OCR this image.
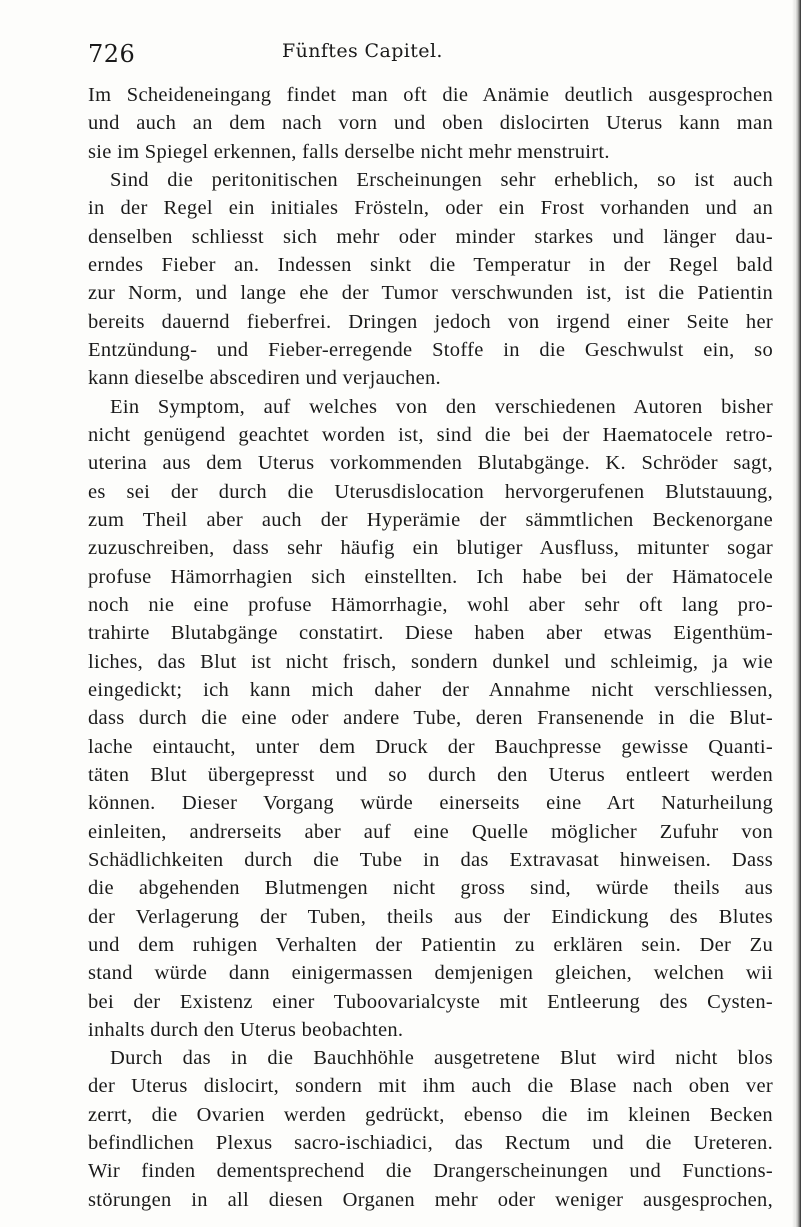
726	Fünftes Capitel.
Im Scheideneingang findet man oft die Anämie deutlich ausgesprochen
und auch an dem nach vorn und oben dislocirten Uterus kann man
sie im Spiegel erkennen, falls derselbe nicht mehr menstruirt.
Sind die peritonitischen Erscheinungen sehr erheblich, so ist auch
in der Regel ein initiales Frösteln, oder ein Frost vorhanden und an
denselben schliesst sich mehr oder minder starkes und länger dau-
erndes Fieber an. Indessen sinkt die Temperatur in der Regel bald
zur Norm, und lange ehe der Tumor verschwunden ist, ist die Patientin
bereits dauernd fieberfrei. Dringen jedoch von irgend einer Seite her
Entzündung- und Fieber-erregende Stoffe in die Geschwulst ein, so
kann dieselbe abscediren und verjauchen.
Ein Symptom, auf welches von den verschiedenen Autoren bisher
nicht genügend geachtet worden ist, sind die bei der Haematocele retro-
uterina aus dem Uterus vorkommenden Blutabgänge. K. Schröder sagt,
es sei der durch die Uterusdislocation hervorgerufenen Blutstauung,
zum Theil aber auch der Hyperämie der sämmtlichen Beckenorgane
zuzuschreiben, dass sehr häufig ein blutiger Ausfluss, mitunter sogar
profuse Hämorrhagien sich einstellten. Ich habe bei der Hämatocele
noch nie eine profuse Hämorrhagie, wohl aber sehr oft lang pro-
trahirte Blutabgänge constatirt. Diese haben aber etwas Eigenthüm-
liches, das Blut ist nicht frisch, sondern dunkel und schleimig, ja wie
eingedickt; ich kann mich daher der Annahme nicht verschliessen,
dass durch die eine oder andere Tube, deren Fransenende in die Blut-
lache eintaucht, unter dem Druck der Bauchpresse gewisse Quanti-
täten Blut übergepresst und so durch den Uterus entleert werden
können. Dieser Vorgang würde einerseits eine Art Naturheilung
einleiten, andrerseits aber auf eine Quelle möglicher Zufuhr von
Schädlichkeiten durch die Tube in das Extravasat hinweisen. Dass
die abgehenden Blutmengen nicht gross sind, würde theils aus
der Verlagerung der Tuben, theils aus der Eindickung des Blutes
und dem ruhigen Verhalten der Patientin zu erklären sein. Der Zu
stand würde dann einigermassen demjenigen gleichen, welchen wii
bei der Existenz einer Tuboovarialcyste mit Entleerung des Cysten-
inhalts durch den Uterus beobachten.
Durch das in die Bauchhöhle ausgetretene Blut wird nicht blos
der Uterus dislocirt, sondern mit ihm auch die Blase nach oben ver
zerrt, die Ovarien werden gedrückt, ebenso die im kleinen Becken
befindlichen Plexus sacro-ischiadici, das Rectum und die Ureteren.
Wir finden dementsprechend die Drangerscheinungen und Functions-
störungen in all diesen Organen mehr oder weniger ausgesprochen,
